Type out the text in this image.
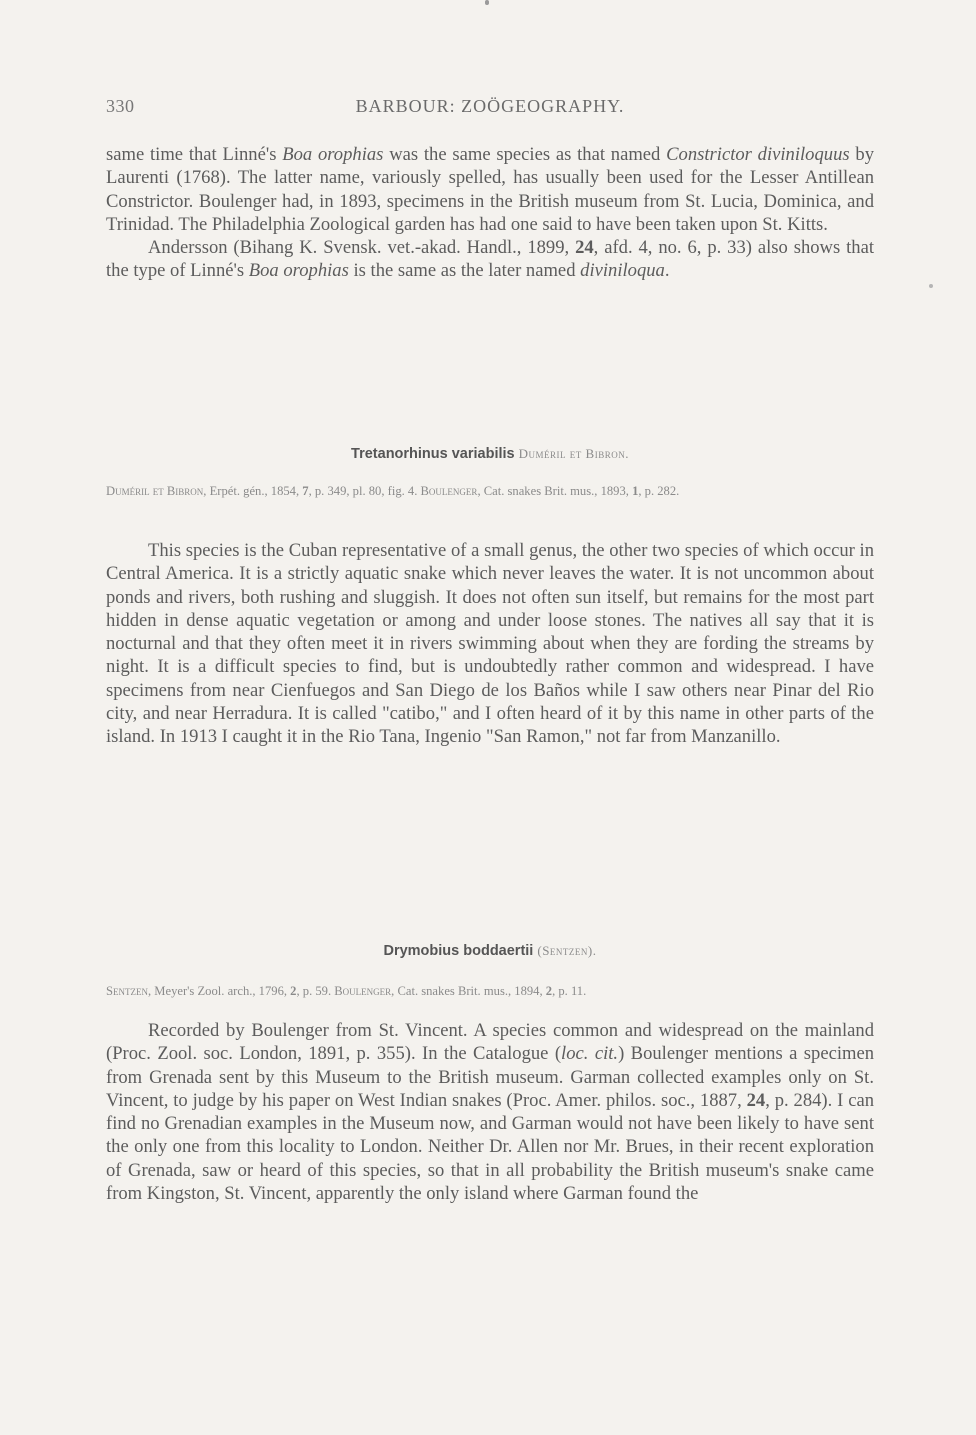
330	BARBOUR: ZOÖGEOGRAPHY.

same time that Linné's Boa orophias was the same species as that named Constrictor diviniloquus by Laurenti (1768). The latter name, variously spelled, has usually been used for the Lesser Antillean Constrictor. Boulenger had, in 1893, specimens in the British museum from St. Lucia, Dominica, and Trinidad. The Philadelphia Zoological garden has had one said to have been taken upon St. Kitts.

Andersson (Bihang K. Svensk. vet.-akad. Handl., 1899, 24, afd. 4, no. 6, p. 33) also shows that the type of Linné's Boa orophias is the same as the later named diviniloqua.

Tretanorhinus variabilis Duméril et Bibron.
Duméril et Bibron, Erpét. gén., 1854, 7, p. 349, pl. 80, fig. 4. Boulenger, Cat. snakes Brit. mus., 1893, 1, p. 282.

This species is the Cuban representative of a small genus, the other two species of which occur in Central America. It is a strictly aquatic snake which never leaves the water. It is not uncommon about ponds and rivers, both rushing and sluggish. It does not often sun itself, but remains for the most part hidden in dense aquatic vegetation or among and under loose stones. The natives all say that it is nocturnal and that they often meet it in rivers swimming about when they are fording the streams by night. It is a difficult species to find, but is undoubtedly rather common and widespread. I have specimens from near Cienfuegos and San Diego de los Baños while I saw others near Pinar del Rio city, and near Herradura. It is called "catibo," and I often heard of it by this name in other parts of the island. In 1913 I caught it in the Rio Tana, Ingenio "San Ramon," not far from Manzanillo.

Drymobius boddaertii (Sentzen).
Sentzen, Meyer's Zool. arch., 1796, 2, p. 59. Boulenger, Cat. snakes Brit. mus., 1894, 2, p. 11.

Recorded by Boulenger from St. Vincent. A species common and widespread on the mainland (Proc. Zool. soc. London, 1891, p. 355). In the Catalogue (loc. cit.) Boulenger mentions a specimen from Grenada sent by this Museum to the British museum. Garman collected examples only on St. Vincent, to judge by his paper on West Indian snakes (Proc. Amer. philos. soc., 1887, 24, p. 284). I can find no Grenadian examples in the Museum now, and Garman would not have been likely to have sent the only one from this locality to London. Neither Dr. Allen nor Mr. Brues, in their recent exploration of Grenada, saw or heard of this species, so that in all probability the British museum's snake came from Kingston, St. Vincent, apparently the only island where Garman found the
